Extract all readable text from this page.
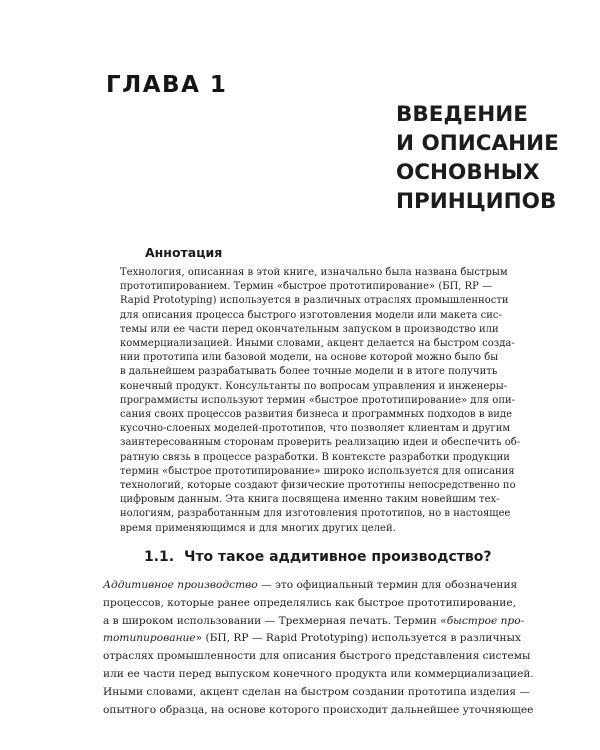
ГЛАВА 1
ВВЕДЕНИЕ
И ОПИСАНИЕ
ОСНОВНЫХ
ПРИНЦИПОВ
Аннотация
Технология, описанная в этой книге, изначально была названа быстрым
прототипированием. Термин «быстрое прототипирование» (БП, RP —
Rapid Prototyping) используется в различных отраслях промышленности
для описания процесса быстрого изготовления модели или макета сис-
темы или ее части перед окончательным запуском в производство или
коммерциализацией. Иными словами, акцент делается на быстром созда-
нии прототипа или базовой модели, на основе которой можно было бы
в дальнейшем разрабатывать более точные модели и в итоге получить
конечный продукт. Консультанты по вопросам управления и инженеры-
программисты используют термин «быстрое прототипирование» для опи-
сания своих процессов развития бизнеса и программных подходов в виде
кусочно-слоеных моделей-прототипов, что позволяет клиентам и другим
заинтересованным сторонам проверить реализацию идеи и обеспечить об-
ратную связь в процессе разработки. В контексте разработки продукции
термин «быстрое прототипирование» широко используется для описания
технологий, которые создают физические прототипы непосредственно по
цифровым данным. Эта книга посвящена именно таким новейшим тех-
нологиям, разработанным для изготовления прототипов, но в настоящее
время применяющимся и для многих других целей.
1.1. Что такое аддитивное производство?
Аддитивное производство — это официальный термин для обозначения
процессов, которые ранее определялись как быстрое прототипирование,
а в широком использовании — Трехмерная печать. Термин «быстрое про-
тотипирование» (БП, RP — Rapid Prototyping) используется в различных
отраслях промышленности для описания быстрого представления системы
или ее части перед выпуском конечного продукта или коммерциализацией.
Иными словами, акцент сделан на быстром создании прототипа изделия —
опытного образца, на основе которого происходит дальнейшее уточняющее
